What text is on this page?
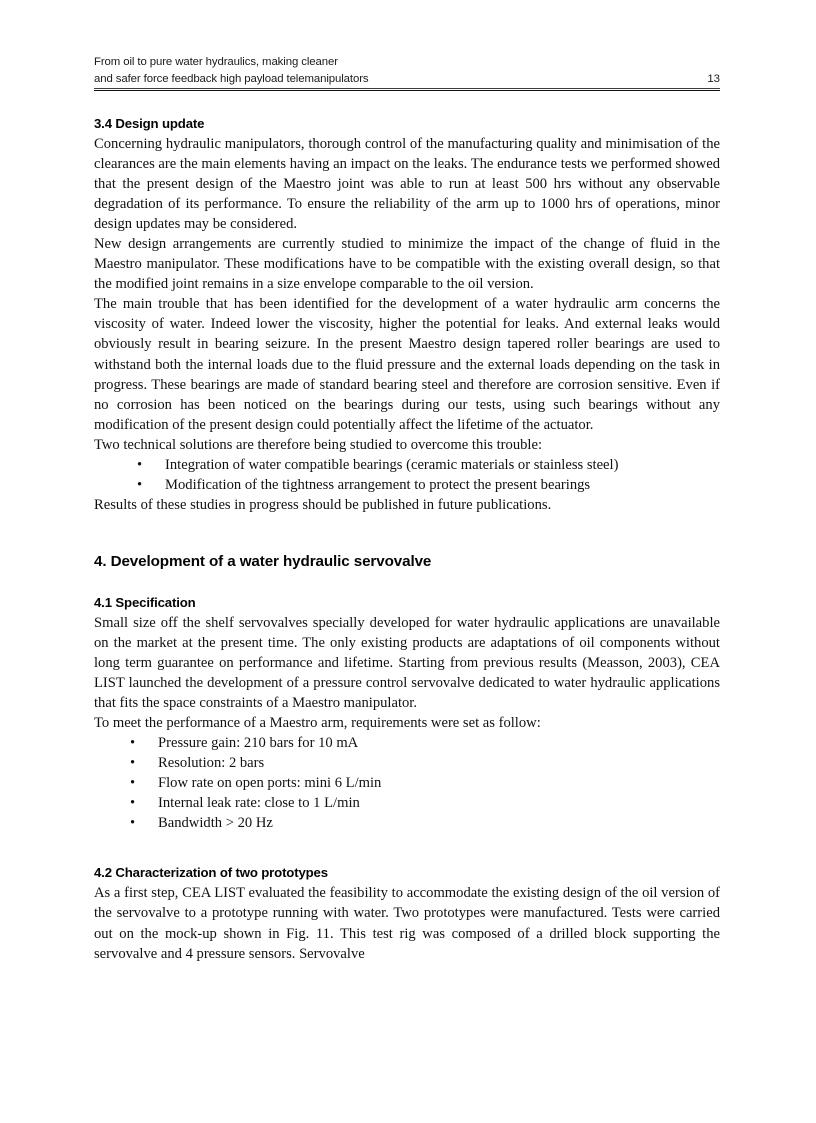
From oil to pure water hydraulics, making cleaner
and safer force feedback high payload telemanipulators	13
3.4 Design update

Concerning hydraulic manipulators, thorough control of the manufacturing quality and minimisation of the clearances are the main elements having an impact on the leaks. The endurance tests we performed showed that the present design of the Maestro joint was able to run at least 500 hrs without any observable degradation of its performance. To ensure the reliability of the arm up to 1000 hrs of operations, minor design updates may be considered.

New design arrangements are currently studied to minimize the impact of the change of fluid in the Maestro manipulator. These modifications have to be compatible with the existing overall design, so that the modified joint remains in a size envelope comparable to the oil version.

The main trouble that has been identified for the development of a water hydraulic arm concerns the viscosity of water. Indeed lower the viscosity, higher the potential for leaks. And external leaks would obviously result in bearing seizure. In the present Maestro design tapered roller bearings are used to withstand both the internal loads due to the fluid pressure and the external loads depending on the task in progress. These bearings are made of standard bearing steel and therefore are corrosion sensitive. Even if no corrosion has been noticed on the bearings during our tests, using such bearings without any modification of the present design could potentially affect the lifetime of the actuator.

Two technical solutions are therefore being studied to overcome this trouble:

•	Integration of water compatible bearings (ceramic materials or stainless steel)
•	Modification of the tightness arrangement to protect the present bearings

Results of these studies in progress should be published in future publications.

4. Development of a water hydraulic servovalve
4.1 Specification

Small size off the shelf servovalves specially developed for water hydraulic applications are unavailable on the market at the present time. The only existing products are adaptations of oil components without long term guarantee on performance and lifetime. Starting from previous results (Measson, 2003), CEA LIST launched the development of a pressure control servovalve dedicated to water hydraulic applications that fits the space constraints of a Maestro manipulator.

To meet the performance of a Maestro arm, requirements were set as follow:

•	Pressure gain: 210 bars for 10 mA
•	Resolution: 2 bars
•	Flow rate on open ports: mini 6 L/min
•	Internal leak rate: close to 1 L/min
•	Bandwidth > 20 Hz
4.2 Characterization of two prototypes

As a first step, CEA LIST evaluated the feasibility to accommodate the existing design of the oil version of the servovalve to a prototype running with water. Two prototypes were manufactured. Tests were carried out on the mock-up shown in Fig. 11. This test rig was composed of a drilled block supporting the servovalve and 4 pressure sensors. Servovalve
